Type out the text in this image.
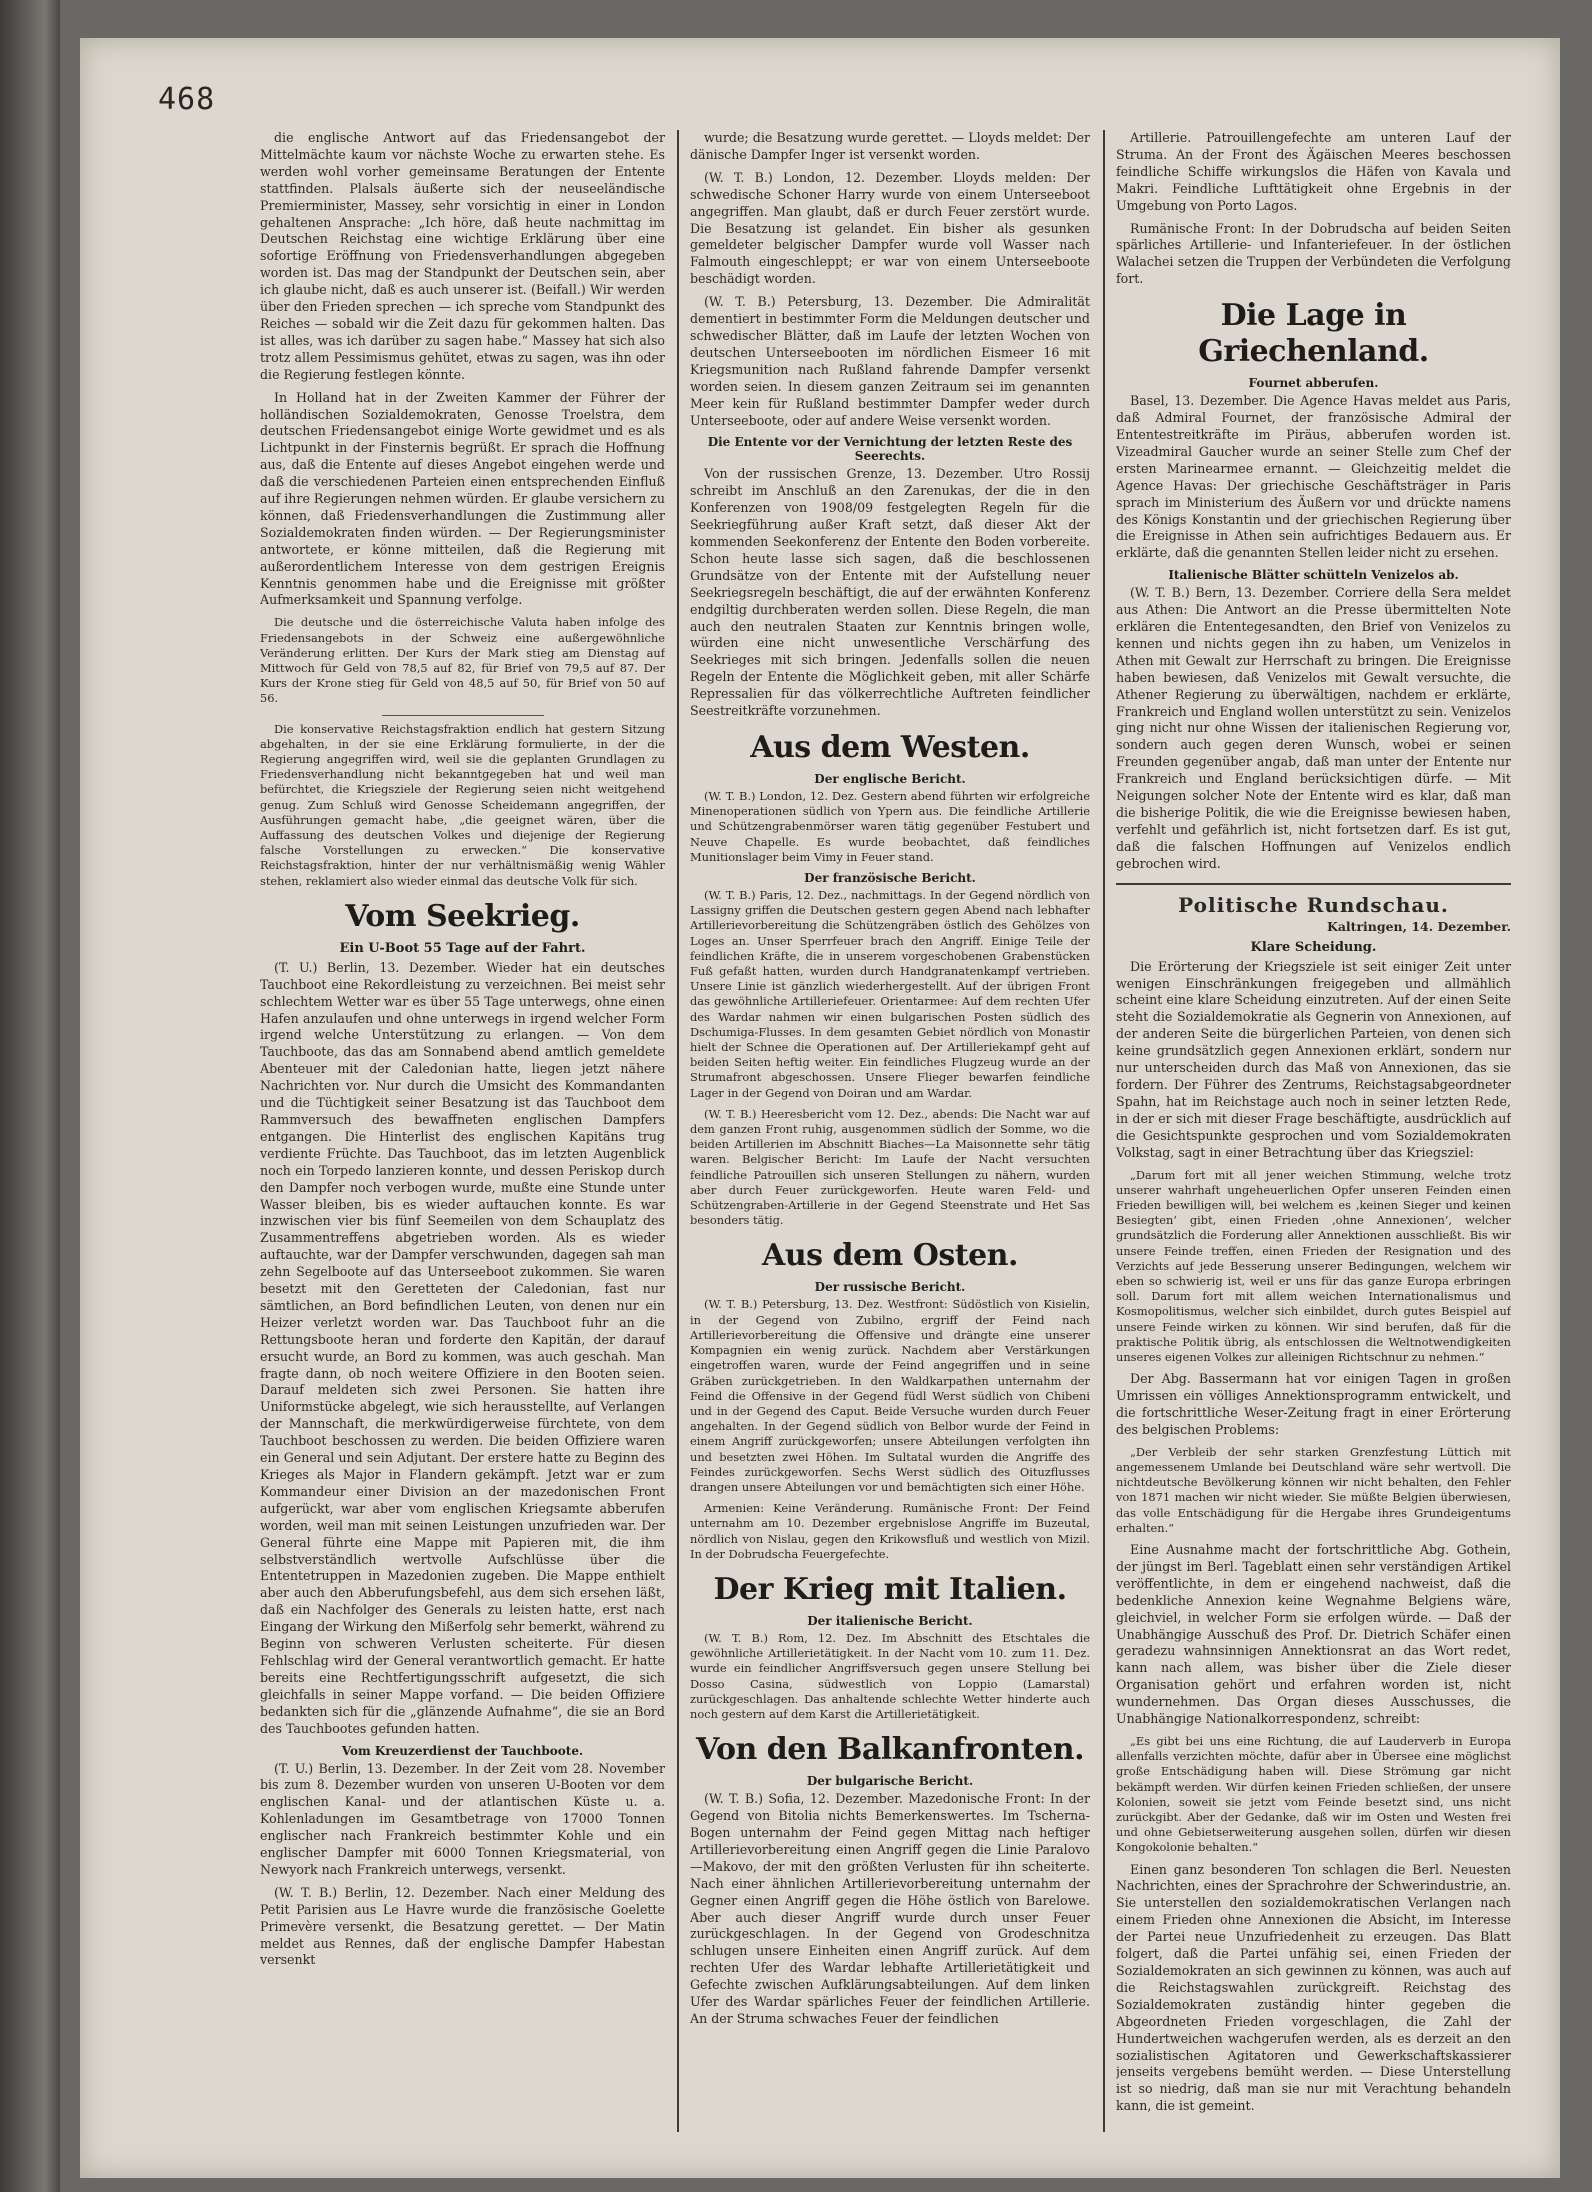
468

die englische Antwort auf das Friedensangebot der Mittelmächte kaum vor nächste Woche zu erwarten stehe. Es werden wohl vorher gemeinsame Beratungen der Entente stattfinden. Plalsals äußerte sich der neuseeländische Premierminister, Massey, sehr vorsichtig in einer in London gehaltenen Ansprache: „Ich höre, daß heute nachmittag im Deutschen Reichstag eine wichtige Erklärung über eine sofortige Eröffnung von Friedensverhandlungen abgegeben worden ist. Das mag der Standpunkt der Deutschen sein, aber ich glaube nicht, daß es auch unserer ist. (Beifall.) Wir werden über den Frieden sprechen — ich spreche vom Standpunkt des Reiches — sobald wir die Zeit dazu für gekommen halten. Das ist alles, was ich darüber zu sagen habe.“ Massey hat sich also trotz allem Pessimismus gehütet, etwas zu sagen, was ihn oder die Regierung festlegen könnte.

In Holland hat in der Zweiten Kammer der Führer der holländischen Sozialdemokraten, Genosse Troelstra, dem deutschen Friedensangebot einige Worte gewidmet und es als Lichtpunkt in der Finsternis begrüßt. Er sprach die Hoffnung aus, daß die Entente auf dieses Angebot eingehen werde und daß die verschiedenen Parteien einen entsprechenden Einfluß auf ihre Regierungen nehmen würden. Er glaube versichern zu können, daß Friedensverhandlungen die Zustimmung aller Sozialdemokraten finden würden. — Der Regierungsminister antwortete, er könne mitteilen, daß die Regierung mit außerordentlichem Interesse von dem gestrigen Ereignis Kenntnis genommen habe und die Ereignisse mit größter Aufmerksamkeit und Spannung verfolge.

Die deutsche und die österreichische Valuta haben infolge des Friedensangebots in der Schweiz eine außergewöhnliche Veränderung erlitten. Der Kurs der Mark stieg am Dienstag auf Mittwoch für Geld von 78,5 auf 82, für Brief von 79,5 auf 87. Der Kurs der Krone stieg für Geld von 48,5 auf 50, für Brief von 50 auf 56.

Die konservative Reichstagsfraktion endlich hat gestern Sitzung abgehalten, in der sie eine Erklärung formulierte, in der die Regierung angegriffen wird, weil sie die geplanten Grundlagen zu Friedensverhandlung nicht bekanntgegeben hat und weil man befürchtet, die Kriegsziele der Regierung seien nicht weitgehend genug. Zum Schluß wird Genosse Scheidemann angegriffen, der Ausführungen gemacht habe, „die geeignet wären, über die Auffassung des deutschen Volkes und diejenige der Regierung falsche Vorstellungen zu erwecken.“ Die konservative Reichstagsfraktion, hinter der nur verhältnismäßig wenig Wähler stehen, reklamiert also wieder einmal das deutsche Volk für sich.

Vom Seekrieg.
Ein U-Boot 55 Tage auf der Fahrt.

(T. U.) Berlin, 13. Dezember. Wieder hat ein deutsches Tauchboot eine Rekordleistung zu verzeichnen. Bei meist sehr schlechtem Wetter war es über 55 Tage unterwegs, ohne einen Hafen anzulaufen und ohne unterwegs in irgend welcher Form irgend welche Unterstützung zu erlangen. — Von dem Tauchboote, das das am Sonnabend abend amtlich gemeldete Abenteuer mit der Caledonian hatte, liegen jetzt nähere Nachrichten vor. Nur durch die Umsicht des Kommandanten und die Tüchtigkeit seiner Besatzung ist das Tauchboot dem Rammversuch des bewaffneten englischen Dampfers entgangen. Die Hinterlist des englischen Kapitäns trug verdiente Früchte. Das Tauchboot, das im letzten Augenblick noch ein Torpedo lanzieren konnte, und dessen Periskop durch den Dampfer noch verbogen wurde, mußte eine Stunde unter Wasser bleiben, bis es wieder auftauchen konnte. Es war inzwischen vier bis fünf Seemeilen von dem Schauplatz des Zusammentreffens abgetrieben worden. Als es wieder auftauchte, war der Dampfer verschwunden, dagegen sah man zehn Segelboote auf das Unterseeboot zukommen. Sie waren besetzt mit den Geretteten der Caledonian, fast nur sämtlichen, an Bord befindlichen Leuten, von denen nur ein Heizer verletzt worden war. Das Tauchboot fuhr an die Rettungsboote heran und forderte den Kapitän, der darauf ersucht wurde, an Bord zu kommen, was auch geschah. Man fragte dann, ob noch weitere Offiziere in den Booten seien. Darauf meldeten sich zwei Personen. Sie hatten ihre Uniformstücke abgelegt, wie sich herausstellte, auf Verlangen der Mannschaft, die merkwürdigerweise fürchtete, von dem Tauchboot beschossen zu werden. Die beiden Offiziere waren ein General und sein Adjutant. Der erstere hatte zu Beginn des Krieges als Major in Flandern gekämpft. Jetzt war er zum Kommandeur einer Division an der mazedonischen Front aufgerückt, war aber vom englischen Kriegsamte abberufen worden, weil man mit seinen Leistungen unzufrieden war. Der General führte eine Mappe mit Papieren mit, die ihm selbstverständlich wertvolle Aufschlüsse über die Ententetruppen in Mazedonien zugeben. Die Mappe enthielt aber auch den Abberufungsbefehl, aus dem sich ersehen läßt, daß ein Nachfolger des Generals zu leisten hatte, erst nach Eingang der Wirkung den Mißerfolg sehr bemerkt, während zu Beginn von schweren Verlusten scheiterte. Für diesen Fehlschlag wird der General verantwortlich gemacht. Er hatte bereits eine Rechtfertigungsschrift aufgesetzt, die sich gleichfalls in seiner Mappe vorfand. — Die beiden Offiziere bedankten sich für die „glänzende Aufnahme“, die sie an Bord des Tauchbootes gefunden hatten.

Vom Kreuzerdienst der Tauchboote.

(T. U.) Berlin, 13. Dezember. In der Zeit vom 28. November bis zum 8. Dezember wurden von unseren U-Booten vor dem englischen Kanal- und der atlantischen Küste u. a. Kohlenladungen im Gesamtbetrage von 17000 Tonnen englischer nach Frankreich bestimmter Kohle und ein englischer Dampfer mit 6000 Tonnen Kriegsmaterial, von Newyork nach Frankreich unterwegs, versenkt.

(W. T. B.) Berlin, 12. Dezember. Nach einer Meldung des Petit Parisien aus Le Havre wurde die französische Goelette Primevère versenkt, die Besatzung gerettet. — Der Matin meldet aus Rennes, daß der englische Dampfer Habestan versenkt

wurde; die Besatzung wurde gerettet. — Lloyds meldet: Der dänische Dampfer Inger ist versenkt worden.

(W. T. B.) London, 12. Dezember. Lloyds melden: Der schwedische Schoner Harry wurde von einem Unterseeboot angegriffen. Man glaubt, daß er durch Feuer zerstört wurde. Die Besatzung ist gelandet. Ein bisher als gesunken gemeldeter belgischer Dampfer wurde voll Wasser nach Falmouth eingeschleppt; er war von einem Unterseeboote beschädigt worden.

(W. T. B.) Petersburg, 13. Dezember. Die Admiralität dementiert in bestimmter Form die Meldungen deutscher und schwedischer Blätter, daß im Laufe der letzten Wochen von deutschen Unterseebooten im nördlichen Eismeer 16 mit Kriegsmunition nach Rußland fahrende Dampfer versenkt worden seien. In diesem ganzen Zeitraum sei im genannten Meer kein für Rußland bestimmter Dampfer weder durch Unterseeboote, oder auf andere Weise versenkt worden.

Die Entente vor der Vernichtung der letzten Reste des Seerechts.

Von der russischen Grenze, 13. Dezember. Utro Rossij schreibt im Anschluß an den Zarenukas, der die in den Konferenzen von 1908/09 festgelegten Regeln für die Seekriegführung außer Kraft setzt, daß dieser Akt der kommenden Seekonferenz der Entente den Boden vorbereite. Schon heute lasse sich sagen, daß die beschlossenen Grundsätze von der Entente mit der Aufstellung neuer Seekriegsregeln beschäftigt, die auf der erwähnten Konferenz endgiltig durchberaten werden sollen. Diese Regeln, die man auch den neutralen Staaten zur Kenntnis bringen wolle, würden eine nicht unwesentliche Verschärfung des Seekrieges mit sich bringen. Jedenfalls sollen die neuen Regeln der Entente die Möglichkeit geben, mit aller Schärfe Repressalien für das völkerrechtliche Auftreten feindlicher Seestreitkräfte vorzunehmen.

Aus dem Westen.
Der englische Bericht.

(W. T. B.) London, 12. Dez. Gestern abend führten wir erfolgreiche Minenoperationen südlich von Ypern aus. Die feindliche Artillerie und Schützengrabenmörser waren tätig gegenüber Festubert und Neuve Chapelle. Es wurde beobachtet, daß feindliches Munitionslager beim Vimy in Feuer stand.

Der französische Bericht.

(W. T. B.) Paris, 12. Dez., nachmittags. In der Gegend nördlich von Lassigny griffen die Deutschen gestern gegen Abend nach lebhafter Artillerievorbereitung die Schützengräben östlich des Gehölzes von Loges an. Unser Sperrfeuer brach den Angriff. Einige Teile der feindlichen Kräfte, die in unserem vorgeschobenen Grabenstücken Fuß gefaßt hatten, wurden durch Handgranatenkampf vertrieben. Unsere Linie ist gänzlich wiederhergestellt. Auf der übrigen Front das gewöhnliche Artilleriefeuer. Orientarmee: Auf dem rechten Ufer des Wardar nahmen wir einen bulgarischen Posten südlich des Dschumiga-Flusses. In dem gesamten Gebiet nördlich von Monastir hielt der Schnee die Operationen auf. Der Artilleriekampf geht auf beiden Seiten heftig weiter. Ein feindliches Flugzeug wurde an der Strumafront abgeschossen. Unsere Flieger bewarfen feindliche Lager in der Gegend von Doiran und am Wardar.

(W. T. B.) Heeresbericht vom 12. Dez., abends: Die Nacht war auf dem ganzen Front ruhig, ausgenommen südlich der Somme, wo die beiden Artillerien im Abschnitt Biaches—La Maisonnette sehr tätig waren. Belgischer Bericht: Im Laufe der Nacht versuchten feindliche Patrouillen sich unseren Stellungen zu nähern, wurden aber durch Feuer zurückgeworfen. Heute waren Feld- und Schützengraben-Artillerie in der Gegend Steenstrate und Het Sas besonders tätig.

Aus dem Osten.
Der russische Bericht.

(W. T. B.) Petersburg, 13. Dez. Westfront: Südöstlich von Kisielin, in der Gegend von Zubilno, ergriff der Feind nach Artillerievorbereitung die Offensive und drängte eine unserer Kompagnien ein wenig zurück. Nachdem aber Verstärkungen eingetroffen waren, wurde der Feind angegriffen und in seine Gräben zurückgetrieben. In den Waldkarpathen unternahm der Feind die Offensive in der Gegend füdl Werst südlich von Chibeni und in der Gegend des Caput. Beide Versuche wurden durch Feuer angehalten. In der Gegend südlich von Belbor wurde der Feind in einem Angriff zurückgeworfen; unsere Abteilungen verfolgten ihn und besetzten zwei Höhen. Im Sultatal wurden die Angriffe des Feindes zurückgeworfen. Sechs Werst südlich des Oituzflusses drangen unsere Abteilungen vor und bemächtigten sich einer Höhe.

Armenien: Keine Veränderung. Rumänische Front: Der Feind unternahm am 10. Dezember ergebnislose Angriffe im Buzeutal, nördlich von Nislau, gegen den Krikowsfluß und westlich von Mizil. In der Dobrudscha Feuergefechte.

Der Krieg mit Italien.
Der italienische Bericht.

(W. T. B.) Rom, 12. Dez. Im Abschnitt des Etschtales die gewöhnliche Artillerietätigkeit. In der Nacht vom 10. zum 11. Dez. wurde ein feindlicher Angriffsversuch gegen unsere Stellung bei Dosso Casina, südwestlich von Loppio (Lamarstal) zurückgeschlagen. Das anhaltende schlechte Wetter hinderte auch noch gestern auf dem Karst die Artillerietätigkeit.

Von den Balkanfronten.
Der bulgarische Bericht.

(W. T. B.) Sofia, 12. Dezember. Mazedonische Front: In der Gegend von Bitolia nichts Bemerkenswertes. Im Tscherna-Bogen unternahm der Feind gegen Mittag nach heftiger Artillerievorbereitung einen Angriff gegen die Linie Paralovo—Makovo, der mit den größten Verlusten für ihn scheiterte. Nach einer ähnlichen Artillerievorbereitung unternahm der Gegner einen Angriff gegen die Höhe östlich von Barelowe. Aber auch dieser Angriff wurde durch unser Feuer zurückgeschlagen. In der Gegend von Grodeschnitza schlugen unsere Einheiten einen Angriff zurück. Auf dem rechten Ufer des Wardar lebhafte Artillerietätigkeit und Gefechte zwischen Aufklärungsabteilungen. Auf dem linken Ufer des Wardar spärliches Feuer der feindlichen Artillerie. An der Struma schwaches Feuer der feindlichen

Artillerie. Patrouillengefechte am unteren Lauf der Struma. An der Front des Ägäischen Meeres beschossen feindliche Schiffe wirkungslos die Häfen von Kavala und Makri. Feindliche Lufttätigkeit ohne Ergebnis in der Umgebung von Porto Lagos.

Rumänische Front: In der Dobrudscha auf beiden Seiten spärliches Artillerie- und Infanteriefeuer. In der östlichen Walachei setzen die Truppen der Verbündeten die Verfolgung fort.

Die Lage in Griechenland.
Fournet abberufen.

Basel, 13. Dezember. Die Agence Havas meldet aus Paris, daß Admiral Fournet, der französische Admiral der Ententestreitkräfte im Piräus, abberufen worden ist. Vizeadmiral Gaucher wurde an seiner Stelle zum Chef der ersten Marinearmee ernannt. — Gleichzeitig meldet die Agence Havas: Der griechische Geschäftsträger in Paris sprach im Ministerium des Äußern vor und drückte namens des Königs Konstantin und der griechischen Regierung über die Ereignisse in Athen sein aufrichtiges Bedauern aus. Er erklärte, daß die genannten Stellen leider nicht zu ersehen.

Italienische Blätter schütteln Venizelos ab.

(W. T. B.) Bern, 13. Dezember. Corriere della Sera meldet aus Athen: Die Antwort an die Presse übermittelten Note erklären die Ententegesandten, den Brief von Venizelos zu kennen und nichts gegen ihn zu haben, um Venizelos in Athen mit Gewalt zur Herrschaft zu bringen. Die Ereignisse haben bewiesen, daß Venizelos mit Gewalt versuchte, die Athener Regierung zu überwältigen, nachdem er erklärte, Frankreich und England wollen unterstützt zu sein. Venizelos ging nicht nur ohne Wissen der italienischen Regierung vor, sondern auch gegen deren Wunsch, wobei er seinen Freunden gegenüber angab, daß man unter der Entente nur Frankreich und England berücksichtigen dürfe. — Mit Neigungen solcher Note der Entente wird es klar, daß man die bisherige Politik, die wie die Ereignisse bewiesen haben, verfehlt und gefährlich ist, nicht fortsetzen darf. Es ist gut, daß die falschen Hoffnungen auf Venizelos endlich gebrochen wird.

Politische Rundschau.
Kaltringen, 14. Dezember.
Klare Scheidung.

Die Erörterung der Kriegsziele ist seit einiger Zeit unter wenigen Einschränkungen freigegeben und allmählich scheint eine klare Scheidung einzutreten. Auf der einen Seite steht die Sozialdemokratie als Gegnerin von Annexionen, auf der anderen Seite die bürgerlichen Parteien, von denen sich keine grundsätzlich gegen Annexionen erklärt, sondern nur nur unterscheiden durch das Maß von Annexionen, das sie fordern. Der Führer des Zentrums, Reichstagsabgeordneter Spahn, hat im Reichstage auch noch in seiner letzten Rede, in der er sich mit dieser Frage beschäftigte, ausdrücklich auf die Gesichtspunkte gesprochen und vom Sozialdemokraten Volkstag, sagt in einer Betrachtung über das Kriegsziel:

„Darum fort mit all jener weichen Stimmung, welche trotz unserer wahrhaft ungeheuerlichen Opfer unseren Feinden einen Frieden bewilligen will, bei welchem es ‚keinen Sieger und keinen Besiegten‘ gibt, einen Frieden ‚ohne Annexionen‘, welcher grundsätzlich die Forderung aller Annektionen ausschließt. Bis wir unsere Feinde treffen, einen Frieden der Resignation und des Verzichts auf jede Besserung unserer Bedingungen, welchem wir eben so schwierig ist, weil er uns für das ganze Europa erbringen soll. Darum fort mit allem weichen Internationalismus und Kosmopolitismus, welcher sich einbildet, durch gutes Beispiel auf unsere Feinde wirken zu können. Wir sind berufen, daß für die praktische Politik übrig, als entschlossen die Weltnotwendigkeiten unseres eigenen Volkes zur alleinigen Richtschnur zu nehmen.“

Der Abg. Bassermann hat vor einigen Tagen in großen Umrissen ein völliges Annektionsprogramm entwickelt, und die fortschrittliche Weser-Zeitung fragt in einer Erörterung des belgischen Problems:

„Der Verbleib der sehr starken Grenzfestung Lüttich mit angemessenem Umlande bei Deutschland wäre sehr wertvoll. Die nichtdeutsche Bevölkerung können wir nicht behalten, den Fehler von 1871 machen wir nicht wieder. Sie müßte Belgien überwiesen, das volle Entschädigung für die Hergabe ihres Grundeigentums erhalten.“

Eine Ausnahme macht der fortschrittliche Abg. Gothein, der jüngst im Berl. Tageblatt einen sehr verständigen Artikel veröffentlichte, in dem er eingehend nachweist, daß die bedenkliche Annexion keine Wegnahme Belgiens wäre, gleichviel, in welcher Form sie erfolgen würde. — Daß der Unabhängige Ausschuß des Prof. Dr. Dietrich Schäfer einen geradezu wahnsinnigen Annektionsrat an das Wort redet, kann nach allem, was bisher über die Ziele dieser Organisation gehört und erfahren worden ist, nicht wundernehmen. Das Organ dieses Ausschusses, die Unabhängige Nationalkorrespondenz, schreibt:

„Es gibt bei uns eine Richtung, die auf Lauderverb in Europa allenfalls verzichten möchte, dafür aber in Übersee eine möglichst große Entschädigung haben will. Diese Strömung gar nicht bekämpft werden. Wir dürfen keinen Frieden schließen, der unsere Kolonien, soweit sie jetzt vom Feinde besetzt sind, uns nicht zurückgibt. Aber der Gedanke, daß wir im Osten und Westen frei und ohne Gebietserweiterung ausgehen sollen, dürfen wir diesen Kongokolonie behalten.“

Einen ganz besonderen Ton schlagen die Berl. Neuesten Nachrichten, eines der Sprachrohre der Schwerindustrie, an. Sie unterstellen den sozialdemokratischen Verlangen nach einem Frieden ohne Annexionen die Absicht, im Interesse der Partei neue Unzufriedenheit zu erzeugen. Das Blatt folgert, daß die Partei unfähig sei, einen Frieden der Sozialdemokraten an sich gewinnen zu können, was auch auf die Reichstagswahlen zurückgreift. Reichstag des Sozialdemokraten zuständig hinter gegeben die Abgeordneten Frieden vorgeschlagen, die Zahl der Hundertweichen wachgerufen werden, als es derzeit an den sozialistischen Agitatoren und Gewerkschaftskassierer jenseits vergebens bemüht werden. — Diese Unterstellung ist so niedrig, daß man sie nur mit Verachtung behandeln kann, die ist gemeint.
